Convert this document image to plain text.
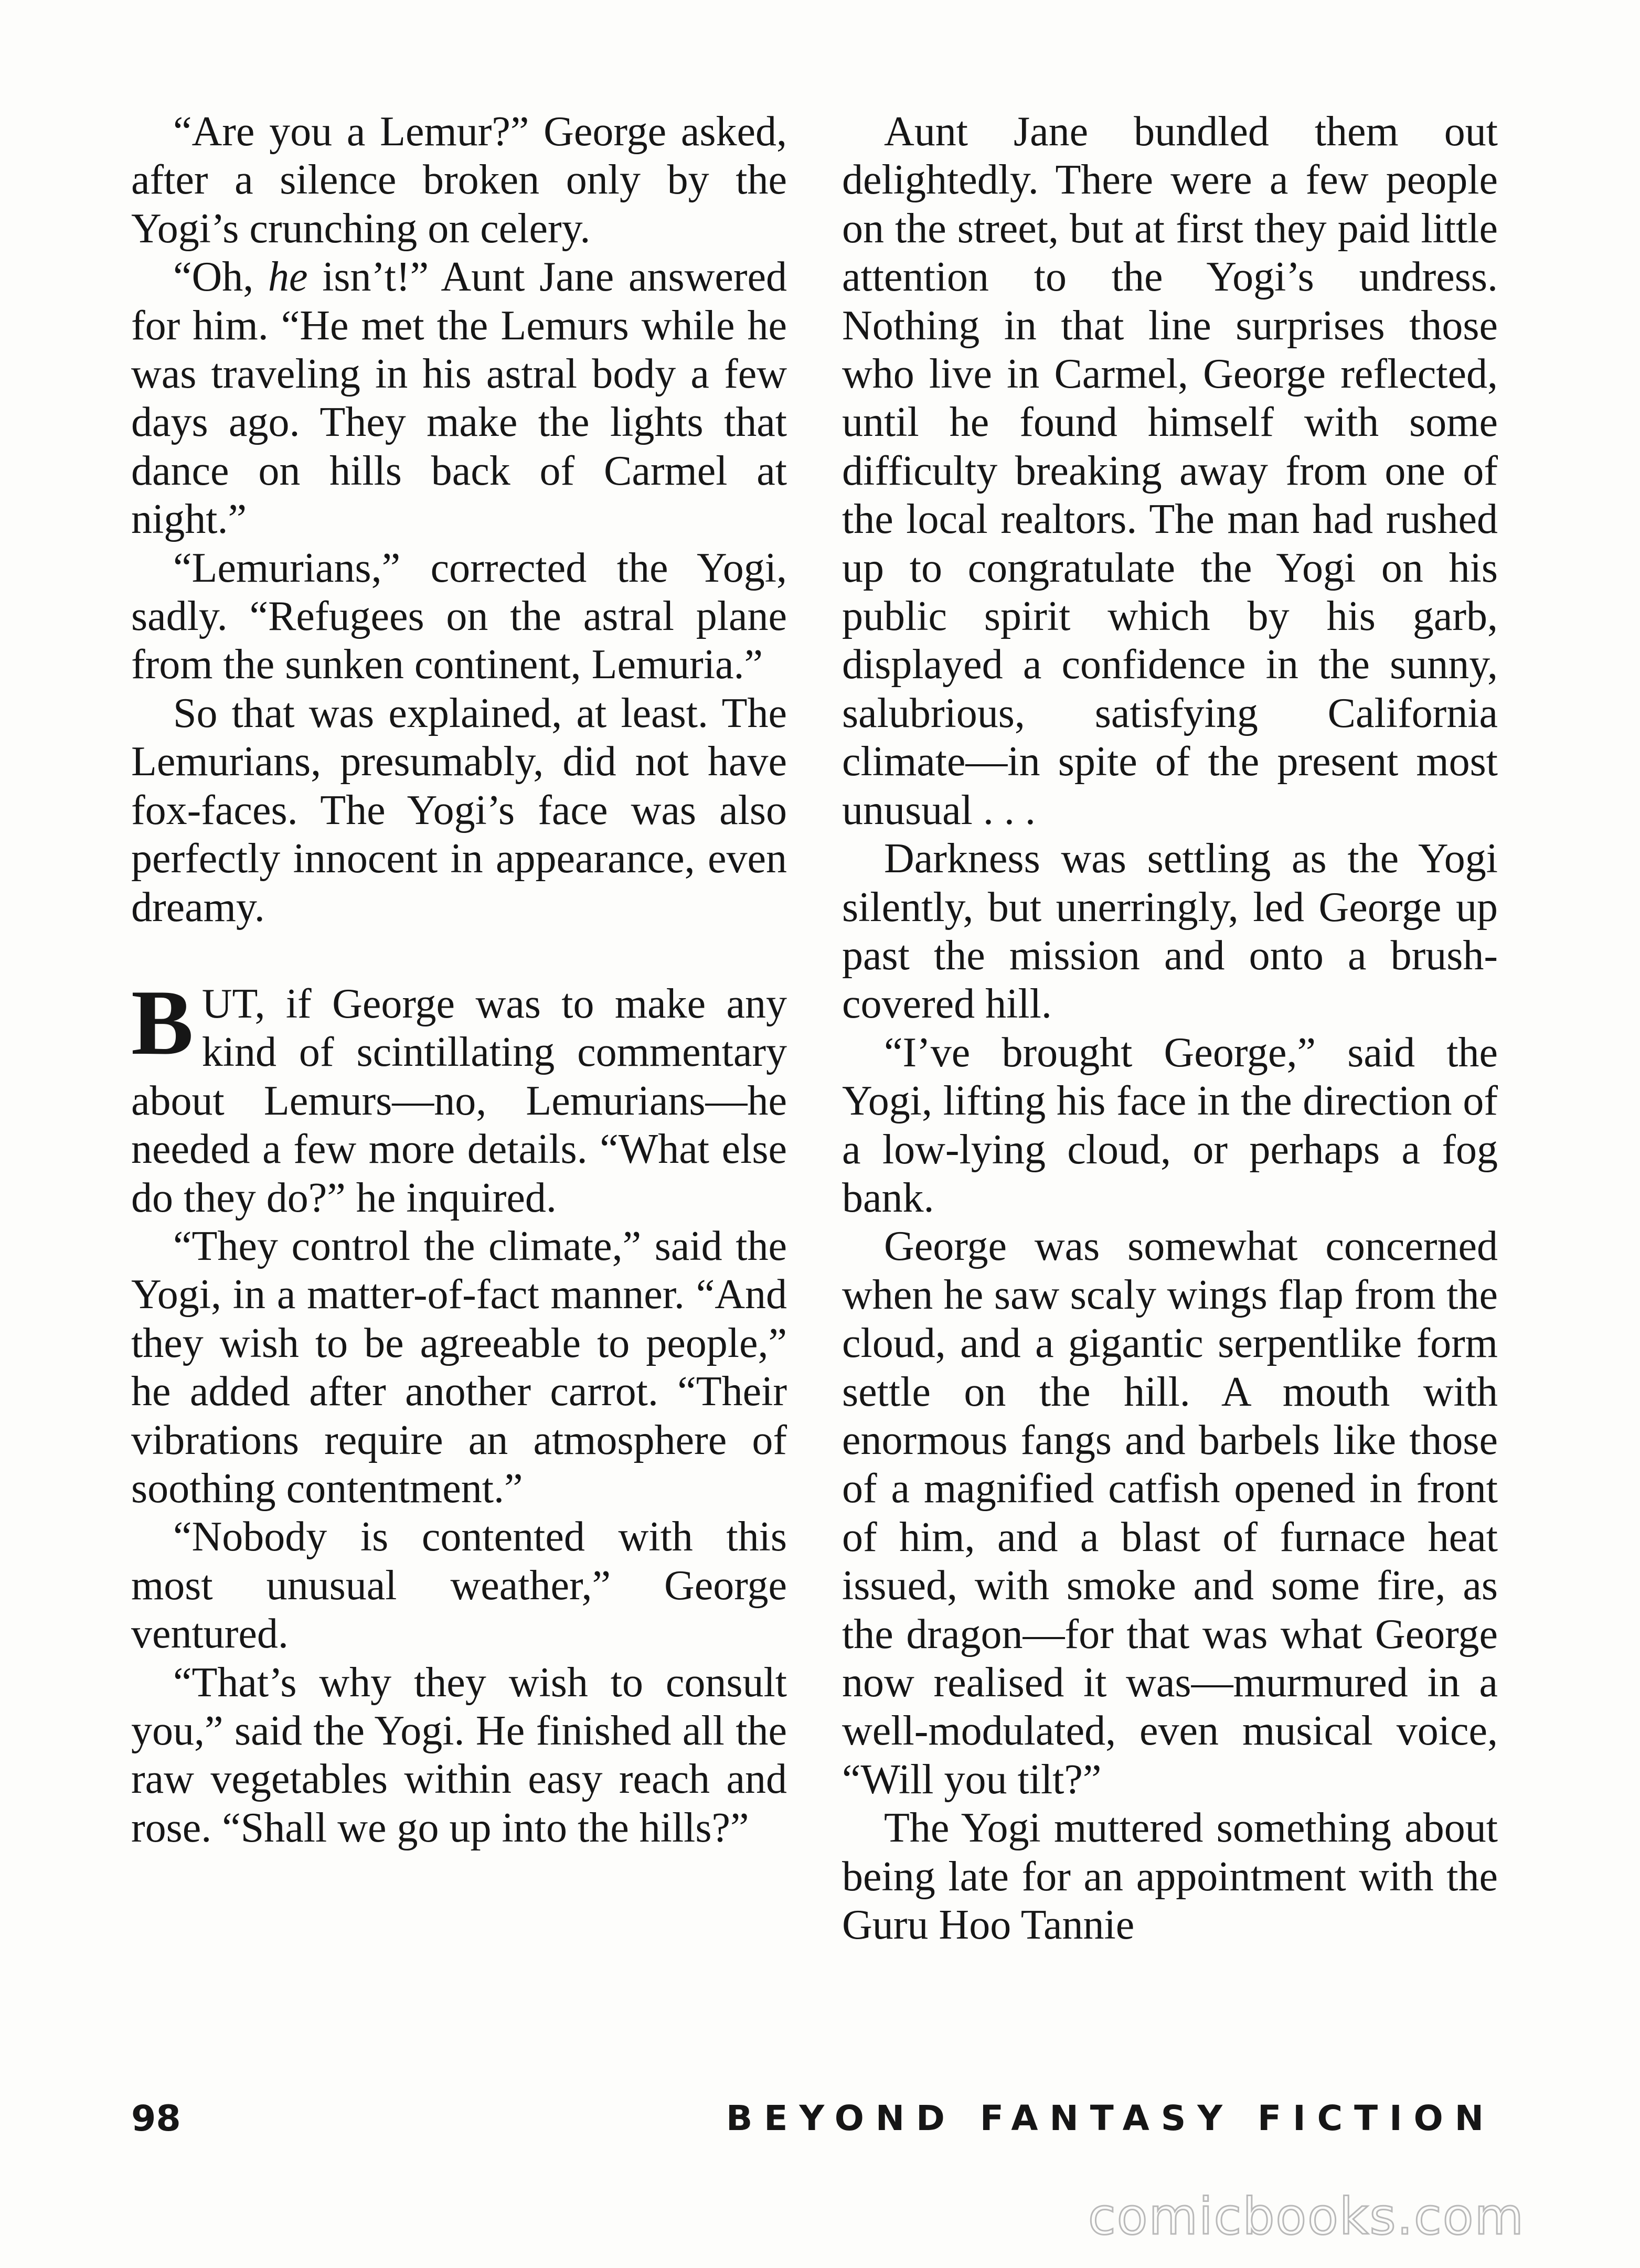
“Are you a Lemur?” George asked, after a silence broken only by the Yogi’s crunching on celery.

“Oh, he isn’t!” Aunt Jane answered for him. “He met the Lemurs while he was traveling in his astral body a few days ago. They make the lights that dance on hills back of Carmel at night.”

“Lemurians,” corrected the Yogi, sadly. “Refugees on the astral plane from the sunken continent, Lemuria.”

So that was explained, at least. The Lemurians, presumably, did not have fox-faces. The Yogi’s face was also perfectly innocent in appearance, even dreamy.

BUT, if George was to make any kind of scintillating commentary about Lemurs—no, Lemurians—he needed a few more details. “What else do they do?” he inquired.

“They control the climate,” said the Yogi, in a matter-of-fact manner. “And they wish to be agreeable to people,” he added after another carrot. “Their vibrations require an atmosphere of soothing contentment.”

“Nobody is contented with this most unusual weather,” George ventured.

“That’s why they wish to consult you,” said the Yogi. He finished all the raw vegetables within easy reach and rose. “Shall we go up into the hills?”

Aunt Jane bundled them out delightedly. There were a few people on the street, but at first they paid little attention to the Yogi’s undress. Nothing in that line surprises those who live in Carmel, George reflected, until he found himself with some difficulty breaking away from one of the local realtors. The man had rushed up to congratulate the Yogi on his public spirit which by his garb, displayed a confidence in the sunny, salubrious, satisfying California climate—in spite of the present most unusual . . .

Darkness was settling as the Yogi silently, but unerringly, led George up past the mission and onto a brush-covered hill.

“I’ve brought George,” said the Yogi, lifting his face in the direction of a low-lying cloud, or perhaps a fog bank.

George was somewhat concerned when he saw scaly wings flap from the cloud, and a gigantic serpentlike form settle on the hill. A mouth with enormous fangs and barbels like those of a magnified catfish opened in front of him, and a blast of furnace heat issued, with smoke and some fire, as the dragon—for that was what George now realised it was—murmured in a well-modulated, even musical voice, “Will you tilt?”

The Yogi muttered something about being late for an appointment with the Guru Hoo Tannie

98	BEYOND FANTASY FICTION
comicbooks.com
